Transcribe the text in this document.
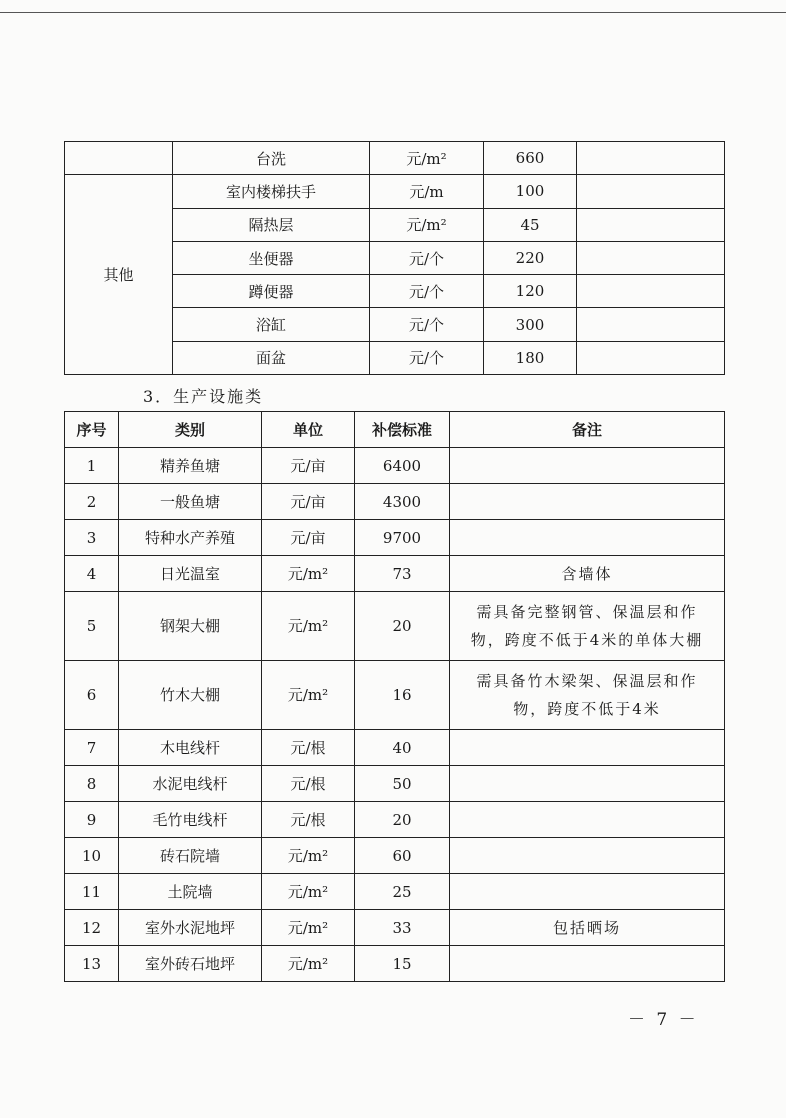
	台洗	元/m²	660	
其他	室内楼梯扶手	元/m	100	
	隔热层	元/m²	45	
	坐便器	元/个	220	
	蹲便器	元/个	120	
	浴缸	元/个	300	
	面盆	元/个	180	
3．生产设施类
序号	类别	单位	补偿标准	备注
1	精养鱼塘	元/亩	6400	
2	一般鱼塘	元/亩	4300	
3	特种水产养殖	元/亩	9700	
4	日光温室	元/m²	73	含墙体
5	钢架大棚	元/m²	20	需具备完整钢管、保温层和作物，跨度不低于4米的单体大棚
6	竹木大棚	元/m²	16	需具备竹木梁架、保温层和作物，跨度不低于4米
7	木电线杆	元/根	40	
8	水泥电线杆	元/根	50	
9	毛竹电线杆	元/根	20	
10	砖石院墙	元/m²	60	
11	土院墙	元/m²	25	
12	室外水泥地坪	元/m²	33	包括晒场
13	室外砖石地坪	元/m²	15	
－ 7 －
